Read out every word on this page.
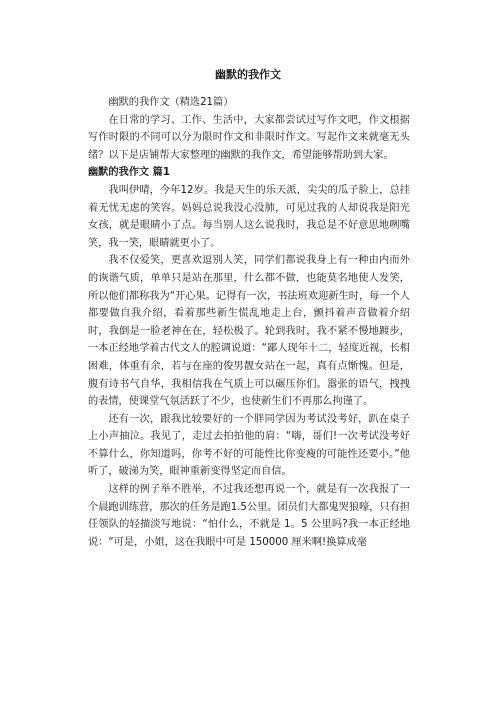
幽默的我作文

幽默的我作文（精选21篇）

在日常的学习、工作、生活中，大家都尝试过写作文吧，作文根据写作时限的不同可以分为限时作文和非限时作文。写起作文来就毫无头绪？以下是店铺帮大家整理的幽默的我作文，希望能够帮助到大家。

幽默的我作文 篇1

我叫伊晴，今年12岁。我是天生的乐天派，尖尖的瓜子脸上，总挂着无忧无虑的笑容。妈妈总说我没心没肺，可见过我的人却说我是阳光女孩，就是眼睛小了点。每当别人这么说我时，我总是不好意思地咧嘴笑，我一笑，眼睛就更小了。

我不仅爱笑，更喜欢逗别人笑，同学们都说我身上有一种由内而外的诙谐气质，单单只是站在那里，什么都不做，也能莫名地使人发笑，所以他们都称我为“开心果。记得有一次，书法班欢迎新生时，每一个人都要做自我介绍，看着那些新生慌乱地走上台，颤抖着声音做着介绍时，我倒是一脸老神在在，轻松极了。轮到我时，我不紧不慢地踱步，一本正经地学着古代文人的腔调说道：“鄙人现年十二，轻度近视，长相困难，体重有余，若与在座的俊男靓女站在一起，真有点惭愧。但是，腹有诗书气自华，我相信我在气质上可以碾压你们。嚣张的语气，拽拽的表情，使课堂气氛活跃了不少，也使新生们不再那么拘谨了。

还有一次，跟我比较要好的一个胖同学因为考试没考好，趴在桌子上小声抽泣。我见了，走过去拍拍他的肩：“嗨，哥们!一次考试没考好不算什么，你知道吗，你考不好的可能性比你变瘦的可能性还要小。”他听了，破涕为笑，眼神重新变得坚定而自信。

这样的例子举不胜举，不过我还想再说一个，就是有一次我报了一个晨跑训练营，那次的任务是跑1.5公里。团员们大都鬼哭狼嚎，只有担任领队的轻描淡写地说：“怕什么，不就是 1。5 公里吗?我一本正经地说：“可是，小姐，这在我眼中可是 150000 厘米啊!换算成毫
